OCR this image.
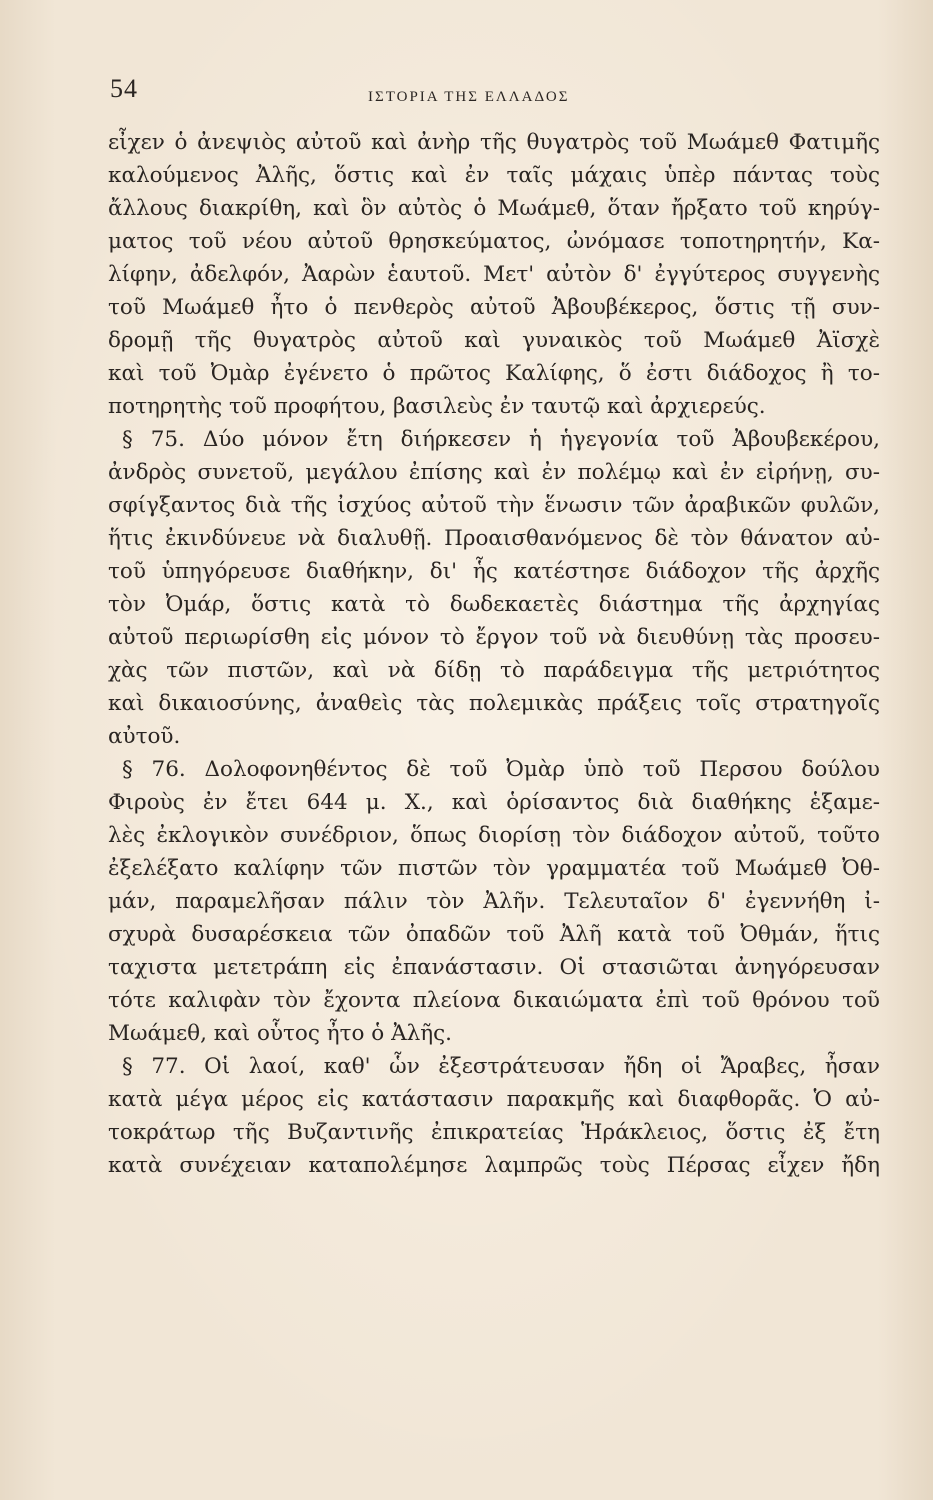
54	ΙΣΤΟΡΙΑ ΤΗΣ ΕΛΛΑΔΟΣ
εἶχεν ὁ ἀνεψιὸς αὐτοῦ καὶ ἀνὴρ τῆς θυγατρὸς τοῦ Μωάμεθ Φατιμῆς
καλούμενος Ἀλῆς, ὅστις καὶ ἐν ταῖς μάχαις ὑπὲρ πάντας τοὺς
ἄλλους διακρίθη, καὶ ὃν αὐτὸς ὁ Μωάμεθ, ὅταν ἤρξατο τοῦ κηρύγ-
ματος τοῦ νέου αὐτοῦ θρησκεύματος, ὠνόμασε τοποτηρητήν, Κα-
λίφην, ἀδελφόν, Ἀαρὼν ἑαυτοῦ. Μετ' αὐτὸν δ' ἐγγύτερος συγγενὴς
τοῦ Μωάμεθ ἦτο ὁ πενθερὸς αὐτοῦ Ἀβουβέκερος, ὅστις τῇ συν-
δρομῇ τῆς θυγατρὸς αὐτοῦ καὶ γυναικὸς τοῦ Μωάμεθ Ἀϊσχὲ
καὶ τοῦ Ὀμὰρ ἐγένετο ὁ πρῶτος Καλίφης, ὅ ἐστι διάδοχος ἢ το-
ποτηρητὴς τοῦ προφήτου, βασιλεὺς ἐν ταυτῷ καὶ ἀρχιερεύς.
§ 75. Δύο μόνον ἔτη διήρκεσεν ἡ ἡγεγονία τοῦ Ἀβουβεκέρου,
ἀνδρὸς συνετοῦ, μεγάλου ἐπίσης καὶ ἐν πολέμῳ καὶ ἐν εἰρήνῃ, συ-
σφίγξαντος διὰ τῆς ἰσχύος αὐτοῦ τὴν ἕνωσιν τῶν ἀραβικῶν φυλῶν,
ἥτις ἐκινδύνευε νὰ διαλυθῇ. Προαισθανόμενος δὲ τὸν θάνατον αὐ-
τοῦ ὑπηγόρευσε διαθήκην, δι' ἧς κατέστησε διάδοχον τῆς ἀρχῆς
τὸν Ὀμάρ, ὅστις κατὰ τὸ δωδεκαετὲς διάστημα τῆς ἀρχηγίας
αὐτοῦ περιωρίσθη εἰς μόνον τὸ ἔργον τοῦ νὰ διευθύνῃ τὰς προσευ-
χὰς τῶν πιστῶν, καὶ νὰ δίδῃ τὸ παράδειγμα τῆς μετριότητος
καὶ δικαιοσύνης, ἀναθεὶς τὰς πολεμικὰς πράξεις τοῖς στρατηγοῖς
αὐτοῦ.
§ 76. Δολοφονηθέντος δὲ τοῦ Ὀμὰρ ὑπὸ τοῦ Περσου δούλου
Φιροὺς ἐν ἔτει 644 μ. Χ., καὶ ὁρίσαντος διὰ διαθήκης ἑξαμε-
λὲς ἐκλογικὸν συνέδριον, ὅπως διορίσῃ τὸν διάδοχον αὐτοῦ, τοῦτο
ἐξελέξατο καλίφην τῶν πιστῶν τὸν γραμματέα τοῦ Μωάμεθ Ὀθ-
μάν, παραμελῆσαν πάλιν τὸν Ἀλῆν. Τελευταῖον δ' ἐγεννήθη ἰ-
σχυρὰ δυσαρέσκεια τῶν ὀπαδῶν τοῦ Ἀλῆ κατὰ τοῦ Ὀθμάν, ἥτις
ταχιστα μετετράπη εἰς ἐπανάστασιν. Οἱ στασιῶται ἀνηγόρευσαν
τότε καλιφὰν τὸν ἔχοντα πλείονα δικαιώματα ἐπὶ τοῦ θρόνου τοῦ
Μωάμεθ, καὶ οὗτος ἦτο ὁ Ἀλῆς.
§ 77. Οἱ λαοί, καθ' ὧν ἐξεστράτευσαν ἤδη οἱ Ἄραβες, ἦσαν
κατὰ μέγα μέρος εἰς κατάστασιν παρακμῆς καὶ διαφθορᾶς. Ὁ αὐ-
τοκράτωρ τῆς Βυζαντινῆς ἐπικρατείας Ἡράκλειος, ὅστις ἐξ ἔτη
κατὰ συνέχειαν καταπολέμησε λαμπρῶς τοὺς Πέρσας εἶχεν ἤδη
